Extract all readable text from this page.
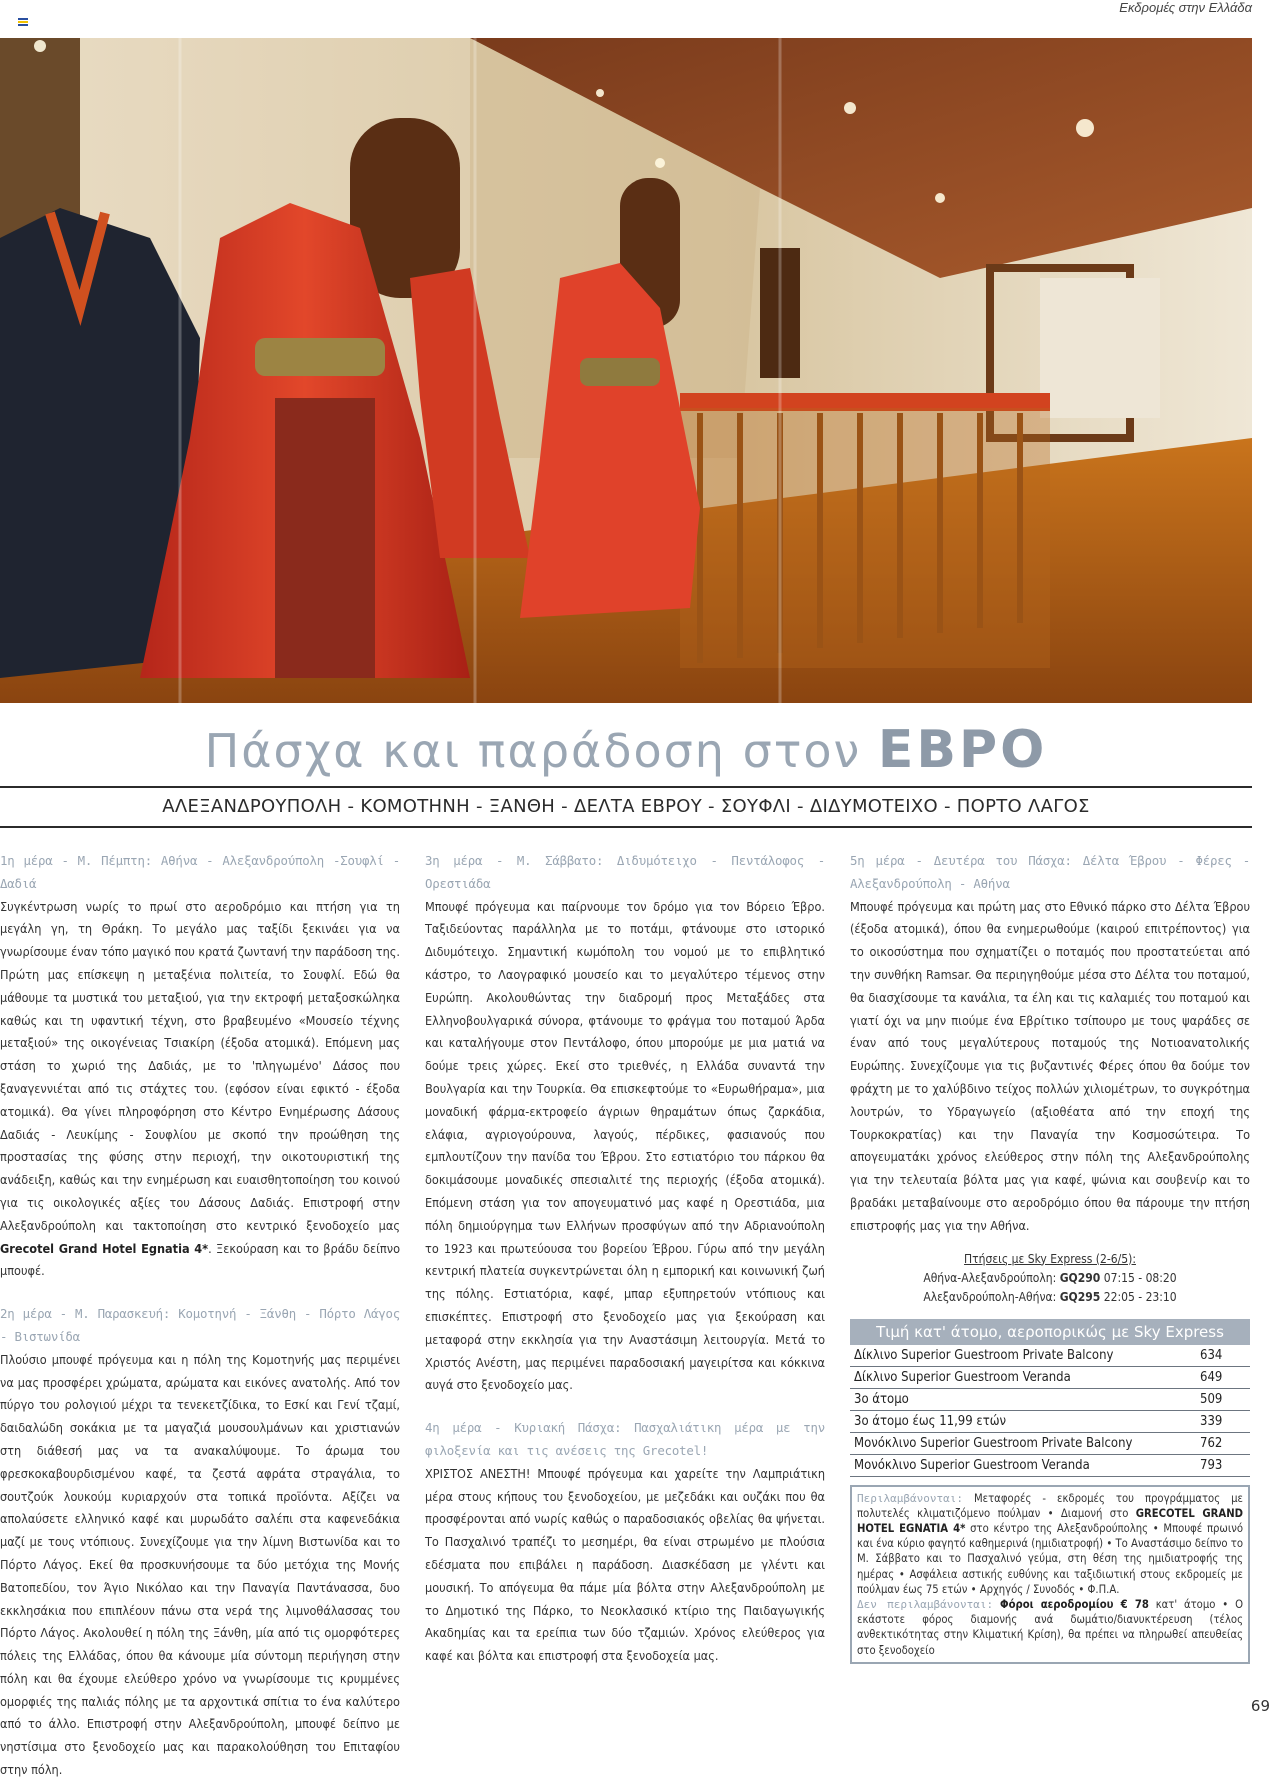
Εκδρομές στην Ελλάδα
Πάσχα και παράδοση στον ΕΒΡΟ
ΑΛΕΞΑΝΔΡΟΥΠΟΛΗ - ΚΟΜΟΤΗΝΗ - ΞΑΝΘΗ - ΔΕΛΤΑ ΕΒΡΟΥ - ΣΟΥΦΛΙ - ΔΙΔΥΜΟΤΕΙΧΟ - ΠΟΡΤΟ ΛΑΓΟΣ

1η μέρα - Μ. Πέμπτη: Αθήνα - Αλεξανδρούπολη -Σουφλί - Δαδιά

Συγκέντρωση νωρίς το πρωί στο αεροδρόμιο και πτήση για τη μεγάλη γη, τη Θράκη. Το μεγάλο μας ταξίδι ξεκινάει για να γνωρίσουμε έναν τόπο μαγικό που κρατά ζωντανή την παράδοση της. Πρώτη μας επίσκεψη η μεταξένια πολιτεία, το Σουφλί. Εδώ θα μάθουμε τα μυστικά του μεταξιού, για την εκτροφή μεταξοσκώληκα καθώς και τη υφαντική τέχνη, στο βραβευμένο «Μουσείο τέχνης μεταξιού» της οικογένειας Τσιακίρη (έξοδα ατομικά). Επόμενη μας στάση το χωριό της Δαδιάς, με το 'πληγωμένο' Δάσος που ξαναγεννιέται από τις στάχτες του. (εφόσον είναι εφικτό - έξοδα ατομικά). Θα γίνει πληροφόρηση στο Κέντρο Ενημέρωσης Δάσους Δαδιάς - Λευκίμης - Σουφλίου με σκοπό την προώθηση της προστασίας της φύσης στην περιοχή, την οικοτουριστική της ανάδειξη, καθώς και την ενημέρωση και ευαισθητοποίηση του κοινού για τις οικολογικές αξίες του Δάσους Δαδιάς. Επιστροφή στην Αλεξανδρούπολη και τακτοποίηση στο κεντρικό ξενοδοχείο μας Grecotel Grand Hotel Egnatia 4*. Ξεκούραση και το βράδυ δείπνο μπουφέ.

2η μέρα - Μ. Παρασκευή: Κομοτηνή - Ξάνθη - Πόρτο Λάγος - Βιστωνίδα

Πλούσιο μπουφέ πρόγευμα και η πόλη της Κομοτηνής μας περιμένει να μας προσφέρει χρώματα, αρώματα και εικόνες ανατολής. Από τον πύργο του ρολογιού μέχρι τα τενεκετζίδικα, το Εσκί και Γενί τζαμί, δαιδαλώδη σοκάκια με τα μαγαζιά μουσουλμάνων και χριστιανών στη διάθεσή μας να τα ανακαλύψουμε. Το άρωμα του φρεσκοκαβουρδισμένου καφέ, τα ζεστά αφράτα στραγάλια, το σουτζούκ λουκούμ κυριαρχούν στα τοπικά προϊόντα. Αξίζει να απολαύσετε ελληνικό καφέ και μυρωδάτο σαλέπι στα καφενεδάκια μαζί με τους ντόπιους. Συνεχίζουμε για την λίμνη Βιστωνίδα και το Πόρτο Λάγος. Εκεί θα προσκυνήσουμε τα δύο μετόχια της Μονής Βατοπεδίου, τον Άγιο Νικόλαο και την Παναγία Παντάνασσα, δυο εκκλησάκια που επιπλέουν πάνω στα νερά της λιμνοθάλασσας του Πόρτο Λάγος. Ακολουθεί η πόλη της Ξάνθη, μία από τις ομορφότερες πόλεις της Ελλάδας, όπου θα κάνουμε μία σύντομη περιήγηση στην πόλη και θα έχουμε ελεύθερο χρόνο να γνωρίσουμε τις κρυμμένες ομορφιές της παλιάς πόλης με τα αρχοντικά σπίτια το ένα καλύτερο από το άλλο. Επιστροφή στην Αλεξανδρούπολη, μπουφέ δείπνο με νηστίσιμα στο ξενοδοχείο μας και παρακολούθηση του Επιταφίου στην πόλη.

3η μέρα - Μ. Σάββατο: Διδυμότειχο - Πεντάλοφος - Ορεστιάδα

Μπουφέ πρόγευμα και παίρνουμε τον δρόμο για τον Βόρειο Έβρο. Ταξιδεύοντας παράλληλα με το ποτάμι, φτάνουμε στο ιστορικό Διδυμότειχο. Σημαντική κωμόπολη του νομού με το επιβλητικό κάστρο, το Λαογραφικό μουσείο και το μεγαλύτερο τέμενος στην Ευρώπη. Ακολουθώντας την διαδρομή προς Μεταξάδες στα Ελληνοβουλγαρικά σύνορα, φτάνουμε το φράγμα του ποταμού Άρδα και καταλήγουμε στον Πεντάλοφο, όπου μπορούμε με μια ματιά να δούμε τρεις χώρες. Εκεί στο τριεθνές, η Ελλάδα συναντά την Βουλγαρία και την Τουρκία. Θα επισκεφτούμε το «Ευρωθήραμα», μια μοναδική φάρμα-εκτροφείο άγριων θηραμάτων όπως ζαρκάδια, ελάφια, αγριογούρουνα, λαγούς, πέρδικες, φασιανούς που εμπλουτίζουν την πανίδα του Έβρου. Στο εστιατόριο του πάρκου θα δοκιμάσουμε μοναδικές σπεσιαλιτέ της περιοχής (έξοδα ατομικά). Επόμενη στάση για τον απογευματινό μας καφέ η Ορεστιάδα, μια πόλη δημιούργημα των Ελλήνων προσφύγων από την Αδριανούπολη το 1923 και πρωτεύουσα του βορείου Έβρου. Γύρω από την μεγάλη κεντρική πλατεία συγκεντρώνεται όλη η εμπορική και κοινωνική ζωή της πόλης. Εστιατόρια, καφέ, μπαρ εξυπηρετούν ντόπιους και επισκέπτες. Επιστροφή στο ξενοδοχείο μας για ξεκούραση και μεταφορά στην εκκλησία για την Αναστάσιμη λειτουργία. Μετά το Χριστός Ανέστη, μας περιμένει παραδοσιακή μαγειρίτσα και κόκκινα αυγά στο ξενοδοχείο μας.

4η μέρα - Κυριακή Πάσχα: Πασχαλιάτικη μέρα με την φιλοξενία και τις ανέσεις της Grecotel!

ΧΡΙΣΤΟΣ ΑΝΕΣΤΗ! Μπουφέ πρόγευμα και χαρείτε την Λαμπριάτικη μέρα στους κήπους του ξενοδοχείου, με μεζεδάκι και ουζάκι που θα προσφέρονται από νωρίς καθώς ο παραδοσιακός οβελίας θα ψήνεται. Το Πασχαλινό τραπέζι το μεσημέρι, θα είναι στρωμένο με πλούσια εδέσματα που επιβάλει η παράδοση. Διασκέδαση με γλέντι και μουσική. Το απόγευμα θα πάμε μία βόλτα στην Αλεξανδρούπολη με το Δημοτικό της Πάρκο, το Νεοκλασικό κτίριο της Παιδαγωγικής Ακαδημίας και τα ερείπια των δύο τζαμιών. Χρόνος ελεύθερος για καφέ και βόλτα και επιστροφή στα ξενοδοχεία μας.

5η μέρα - Δευτέρα του Πάσχα: Δέλτα Έβρου - Φέρες - Αλεξανδρούπολη - Αθήνα

Μπουφέ πρόγευμα και πρώτη μας στο Εθνικό πάρκο στο Δέλτα Έβρου (έξοδα ατομικά), όπου θα ενημερωθούμε (καιρού επιτρέποντος) για το οικοσύστημα που σχηματίζει ο ποταμός που προστατεύεται από την συνθήκη Ramsar. Θα περιηγηθούμε μέσα στο Δέλτα του ποταμού, θα διασχίσουμε τα κανάλια, τα έλη και τις καλαμιές του ποταμού και γιατί όχι να μην πιούμε ένα Εβρίτικο τσίπουρο με τους ψαράδες σε έναν από τους μεγαλύτερους ποταμούς της Νοτιοανατολικής Ευρώπης. Συνεχίζουμε για τις βυζαντινές Φέρες όπου θα δούμε τον φράχτη με το χαλύβδινο τείχος πολλών χιλιομέτρων, το συγκρότημα λουτρών, το Υδραγωγείο (αξιοθέατα από την εποχή της Τουρκοκρατίας) και την Παναγία την Κοσμοσώτειρα. Το απογευματάκι χρόνος ελεύθερος στην πόλη της Αλεξανδρούπολης για την τελευταία βόλτα μας για καφέ, ψώνια και σουβενίρ και το βραδάκι μεταβαίνουμε στο αεροδρόμιο όπου θα πάρουμε την πτήση επιστροφής μας για την Αθήνα.

Πτήσεις με Sky Express (2-6/5):
Αθήνα-Αλεξανδρούπολη: GQ290 07:15 - 08:20
Αλεξανδρούπολη-Αθήνα: GQ295 22:05 - 23:10
Τιμή κατ' άτομο, αεροπορικώς με Sky Express
Δίκλινο Superior Guestroom Private Balcony	634
Δίκλινο Superior Guestroom Veranda	649
3ο άτομο	509
3ο άτομο έως 11,99 ετών	339
Μονόκλινο Superior Guestroom Private Balcony	762
Μονόκλινο Superior Guestroom Veranda	793
Περιλαμβάνονται: Μεταφορές - εκδρομές του προγράμματος με πολυτελές κλιματιζόμενο πούλμαν • Διαμονή στο GRECOTEL GRAND HOTEL EGNATIA 4* στο κέντρο της Αλεξανδρούπολης • Μπουφέ πρωινό και ένα κύριο φαγητό καθημερινά (ημιδιατροφή) • Το Αναστάσιμο δείπνο το Μ. Σάββατο και το Πασχαλινό γεύμα, στη θέση της ημιδιατροφής της ημέρας • Ασφάλεια αστικής ευθύνης και ταξιδιωτική στους εκδρομείς με πούλμαν έως 75 ετών • Αρχηγός / Συνοδός • Φ.Π.Α.
Δεν περιλαμβάνονται: Φόροι αεροδρομίου € 78 κατ' άτομο • Ο εκάστοτε φόρος διαμονής ανά δωμάτιο/διανυκτέρευση (τέλος ανθεκτικότητας στην Κλιματική Κρίση), θα πρέπει να πληρωθεί απευθείας στο ξενοδοχείο
69
